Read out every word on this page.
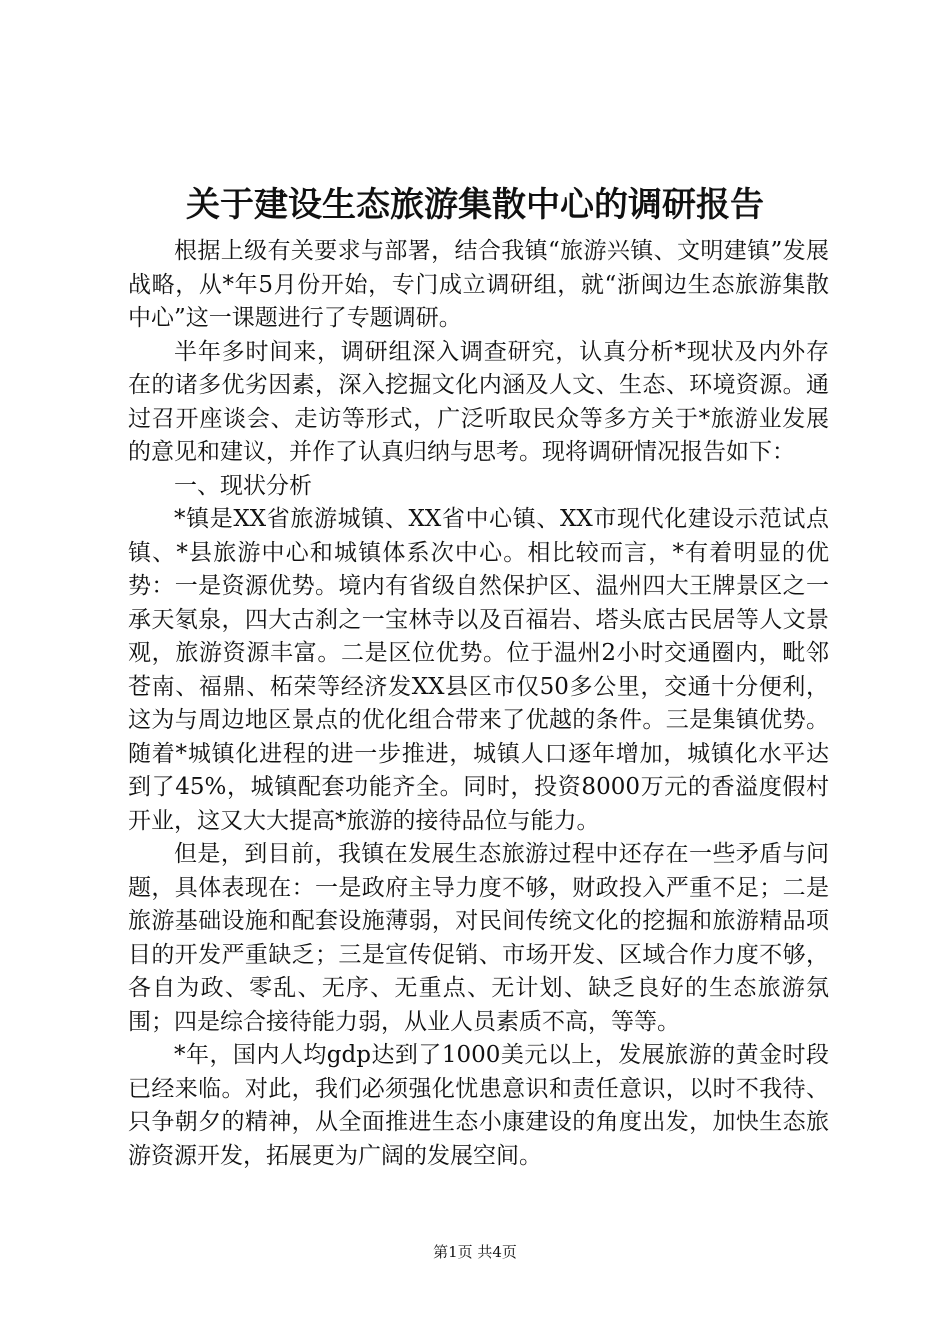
关于建设生态旅游集散中心的调研报告

根据上级有关要求与部署，结合我镇“旅游兴镇、文明建镇”发展战略，从*年5月份开始，专门成立调研组，就“浙闽边生态旅游集散中心”这一课题进行了专题调研。

半年多时间来，调研组深入调查研究，认真分析*现状及内外存在的诸多优劣因素，深入挖掘文化内涵及人文、生态、环境资源。通过召开座谈会、走访等形式，广泛听取民众等多方关于*旅游业发展的意见和建议，并作了认真归纳与思考。现将调研情况报告如下：

一、现状分析

*镇是XX省旅游城镇、XX省中心镇、XX市现代化建设示范试点镇、*县旅游中心和城镇体系次中心。相比较而言，*有着明显的优势：一是资源优势。境内有省级自然保护区、温州四大王牌景区之一承天氡泉，四大古刹之一宝林寺以及百福岩、塔头底古民居等人文景观，旅游资源丰富。二是区位优势。位于温州2小时交通圈内，毗邻苍南、福鼎、柘荣等经济发XX县区市仅50多公里，交通十分便利，这为与周边地区景点的优化组合带来了优越的条件。三是集镇优势。随着*城镇化进程的进一步推进，城镇人口逐年增加，城镇化水平达到了45%，城镇配套功能齐全。同时，投资8000万元的香溢度假村开业，这又大大提高*旅游的接待品位与能力。

但是，到目前，我镇在发展生态旅游过程中还存在一些矛盾与问题，具体表现在：一是政府主导力度不够，财政投入严重不足；二是旅游基础设施和配套设施薄弱，对民间传统文化的挖掘和旅游精品项目的开发严重缺乏；三是宣传促销、市场开发、区域合作力度不够，各自为政、零乱、无序、无重点、无计划、缺乏良好的生态旅游氛围；四是综合接待能力弱，从业人员素质不高，等等。

*年，国内人均gdp达到了1000美元以上，发展旅游的黄金时段已经来临。对此，我们必须强化忧患意识和责任意识，以时不我待、只争朝夕的精神，从全面推进生态小康建设的角度出发，加快生态旅游资源开发，拓展更为广阔的发展空间。

第1页 共4页
